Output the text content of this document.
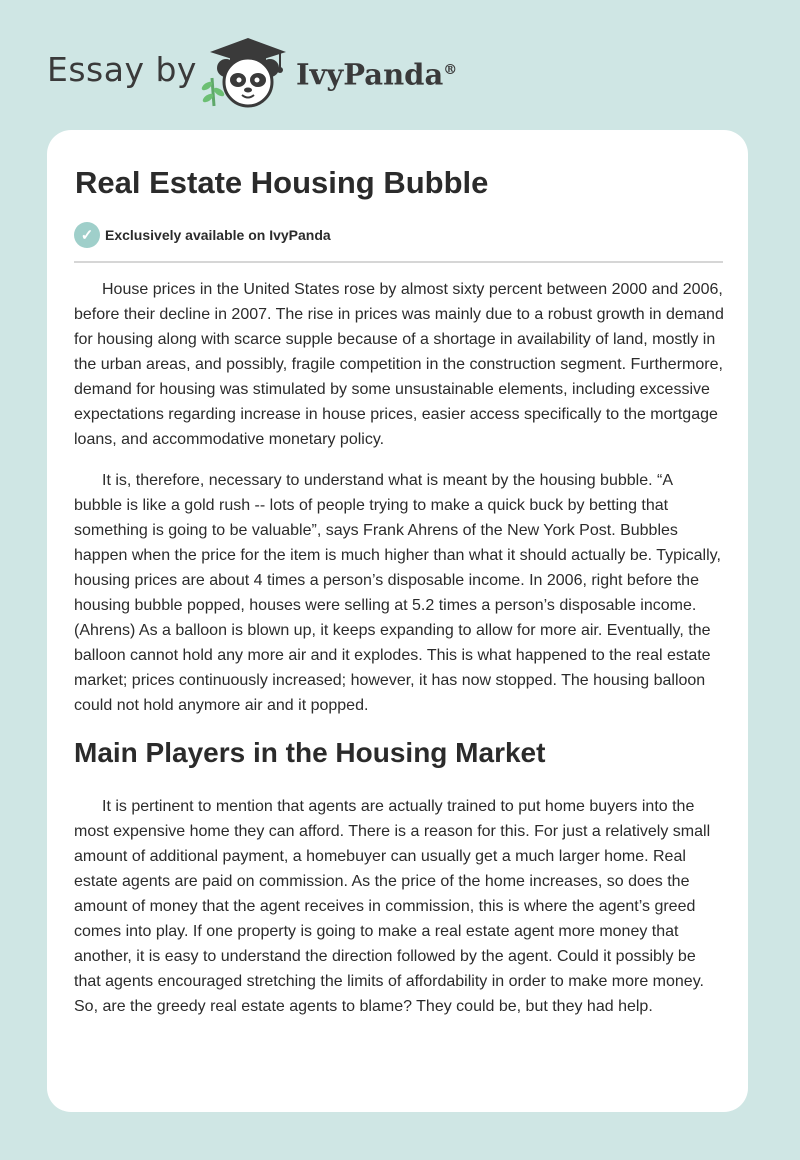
Essay by	IvyPanda®
Real Estate Housing Bubble
✓ Exclusively available on IvyPanda

House prices in the United States rose by almost sixty percent between 2000 and 2006, before their decline in 2007. The rise in prices was mainly due to a robust growth in demand for housing along with scarce supple because of a shortage in availability of land, mostly in the urban areas, and possibly, fragile competition in the construction segment. Furthermore, demand for housing was stimulated by some unsustainable elements, including excessive expectations regarding increase in house prices, easier access specifically to the mortgage loans, and accommodative monetary policy.

It is, therefore, necessary to understand what is meant by the housing bubble. “A bubble is like a gold rush -- lots of people trying to make a quick buck by betting that something is going to be valuable”, says Frank Ahrens of the New York Post. Bubbles happen when the price for the item is much higher than what it should actually be. Typically, housing prices are about 4 times a person’s disposable income. In 2006, right before the housing bubble popped, houses were selling at 5.2 times a person’s disposable income. (Ahrens) As a balloon is blown up, it keeps expanding to allow for more air. Eventually, the balloon cannot hold any more air and it explodes. This is what happened to the real estate market; prices continuously increased; however, it has now stopped. The housing balloon could not hold anymore air and it popped.

Main Players in the Housing Market

It is pertinent to mention that agents are actually trained to put home buyers into the most expensive home they can afford. There is a reason for this. For just a relatively small amount of additional payment, a homebuyer can usually get a much larger home. Real estate agents are paid on commission. As the price of the home increases, so does the amount of money that the agent receives in commission, this is where the agent’s greed comes into play. If one property is going to make a real estate agent more money that another, it is easy to understand the direction followed by the agent. Could it possibly be that agents encouraged stretching the limits of affordability in order to make more money. So, are the greedy real estate agents to blame? They could be, but they had help.
